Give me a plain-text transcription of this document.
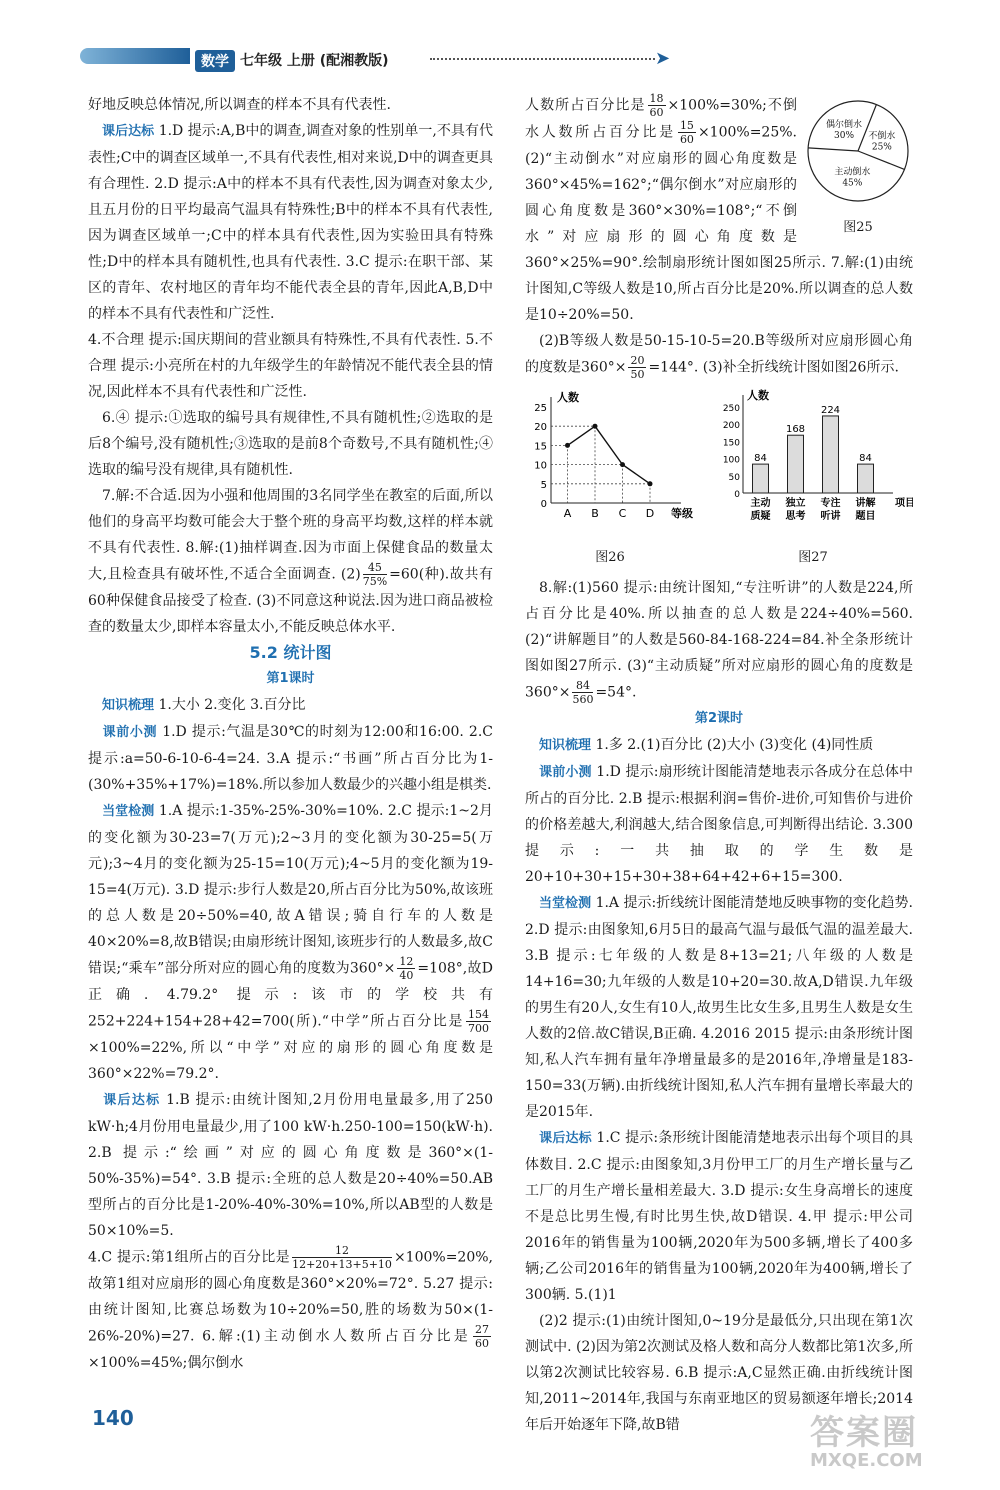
数学 七年级 上册 (配湘教版)	➤

好地反映总体情况,所以调查的样本不具有代表性.

 课后达标 1.D 提示:A,B中的调查,调查对象的性别单一,不具有代表性;C中的调查区域单一,不具有代表性,相对来说,D中的调查更具有合理性. 2.D 提示:A中的样本不具有代表性,因为调查对象太少,且五月份的日平均最高气温具有特殊性;B中的样本不具有代表性,因为调查区域单一;C中的样本具有代表性,因为实验田具有特殊性;D中的样本具有随机性,也具有代表性. 3.C 提示:在职干部、某区的青年、农村地区的青年均不能代表全县的青年,因此A,B,D中的样本不具有代表性和广泛性.

4.不合理 提示:国庆期间的营业额具有特殊性,不具有代表性. 5.不合理 提示:小亮所在村的九年级学生的年龄情况不能代表全县的情况,因此样本不具有代表性和广泛性.

 6.④ 提示:①选取的编号具有规律性,不具有随机性;②选取的是后8个编号,没有随机性;③选取的是前8个奇数号,不具有随机性;④选取的编号没有规律,具有随机性.

 7.解:不合适.因为小强和他周围的3名同学坐在教室的后面,所以他们的身高平均数可能会大于整个班的身高平均数,这样的样本就不具有代表性. 8.解:(1)抽样调查.因为市面上保健食品的数量太大,且检查具有破坏性,不适合全面调查. $(2) \frac{45}{75\%} =60$(种).故共有60种保健食品接受了检查. (3)不同意这种说法.因为进口商品被检查的数量太少,即样本容量太小,不能反映总体水平.

5.2 统计图

第1课时

 知识梳理 1.大小 2.变化 3.百分比

 课前小测 1.D 提示:气温是30℃的时刻为12:00和16:00. 2.C 提示:a=50-6-10-6-4=24. 3.A 提示:“书画”所占百分比为1-(30%+35%+17%)=18%.所以参加人数最少的兴趣小组是棋类.

 当堂检测 1.A 提示:1-35%-25%-30%=10%. 2.C 提示:1~2月的变化额为30-23=7(万元);2~3月的变化额为30-25=5(万元);3~4月的变化额为25-15=10(万元);4~5月的变化额为19-15=4(万元). 3.D 提示:步行人数是20,所占百分比为50%,故该班的总人数是20÷50%=40,故A错误;骑自行车的人数是40×20%=8,故B错误;由扇形统计图知,该班步行的人数最多,故C错误;“乘车”部分所对应的圆心角的度数为$360^\circ\times \frac{12}{40} =108^\circ$,故D正确. 4.79.2° 提示:该市的学校共有252+224+154+28+42=700(所).“中学”所占百分比是 $\frac{154}{700}$
×100%=22%,所以“中学”对应的扇形的圆心角度数是360°×22%=79.2°.

 课后达标 1.B 提示:由统计图知,2月份用电量最多,用了250 kW·h;4月份用电量最少,用了100 kW·h.250-100=150(kW·h). 2.B 提示:“绘画”对应的圆心角度数是360°×(1-50%-35%)=54°. 3.B 提示:全班的总人数是20÷40%=50.AB型所占的百分比是1-20%-40%-30%=10%,所以AB型的人数是50×10%=5.

4.C 提示:第1组所占的百分比是 $\frac{12}{12+20+13+5+10} \times 100\%=20\%$,故第1组对应扇形的圆心角度数是360°×20%=72°. 5.27 提示:由统计图知,比赛总场数为10÷20%=50,胜的场数为50×(1-26%-20%)=27. 6.解:(1)主动倒水人数所占百分比是 $\frac{27}{60}$
×100%=45%;偶尔倒水

主动倒水
45%
偶尔倒水
30% 不倒水
25%
图25
人数所占百分比是 $\frac{18}{60} \times 100\%=30\%$;不倒水人数所占百分比是 $\frac{15}{60} \times 100\%=25\%$. (2)“主动倒水”对应扇形的圆心角度数是360°×45%=162°;“偶尔倒水”对应扇形的圆心角度数是360°×30%=108°;“不倒水”对应扇形的圆心角度数是360°×25%=90°.绘制扇形统计图如图25所示. 7.解:(1)由统计图知,C等级人数是10,所占百分比是20%.所以调查的总人数是10÷20%=50.

 (2)B等级人数是50-15-10-5=20.B等级所对应扇形圆心角的度数是$360^\circ\times \frac{20}{50} =144^\circ$. (3)补全折线统计图如图26所示.

人数
等级
0
5
10
15
20
25
A B C D
图26
人数
项目
0
50
100
150
200
250
84
主动
质疑
168
独立
思考
224
专注
听讲
84
讲解
题目
图27

 8.解:(1)560 提示:由统计图知,“专注听讲”的人数是224,所占百分比是40%.所以抽查的总人数是224÷40%=560. (2)“讲解题目”的人数是560-84-168-224=84.补全条形统计图如图27所示. (3)“主动质疑”所对应扇形的圆心角的度数是$360^\circ\times \frac{84}{560} =54^\circ$.

第2课时

 知识梳理 1.多 2.(1)百分比 (2)大小 (3)变化 (4)同性质

 课前小测 1.D 提示:扇形统计图能清楚地表示各成分在总体中所占的百分比. 2.B 提示:根据利润=售价-进价,可知售价与进价的价格差越大,利润越大,结合图象信息,可判断得出结论. 3.300 提示:一共抽取的学生数是20+10+30+15+30+38+64+42+6+15=300.

 当堂检测 1.A 提示:折线统计图能清楚地反映事物的变化趋势. 2.D 提示:由图象知,6月5日的最高气温与最低气温的温差最大. 3.B 提示:七年级的人数是8+13=21;八年级的人数是14+16=30;九年级的人数是10+20=30.故A,D错误.九年级的男生有20人,女生有10人,故男生比女生多,且男生人数是女生人数的2倍.故C错误,B正确. 4.2016 2015 提示:由条形统计图知,私人汽车拥有量年净增量最多的是2016年,净增量是183-150=33(万辆).由折线统计图知,私人汽车拥有量增长率最大的是2015年.

 课后达标 1.C 提示:条形统计图能清楚地表示出每个项目的具体数目. 2.C 提示:由图象知,3月份甲工厂的月生产增长量与乙工厂的月生产增长量相差最大. 3.D 提示:女生身高增长的速度不是总比男生慢,有时比男生快,故D错误. 4.甲 提示:甲公司2016年的销售量为100辆,2020年为500多辆,增长了400多辆;乙公司2016年的销售量为100辆,2020年为400辆,增长了300辆. 5.(1)1

 (2)2 提示:(1)由统计图知,0~19分是最低分,只出现在第1次测试中. (2)因为第2次测试及格人数和高分人数都比第1次多,所以第2次测试比较容易. 6.B 提示:A,C显然正确.由折线统计图知,2011~2014年,我国与东南亚地区的贸易额逐年增长;2014年后开始逐年下降,故B错

140	答案圈
MXQE.COM
